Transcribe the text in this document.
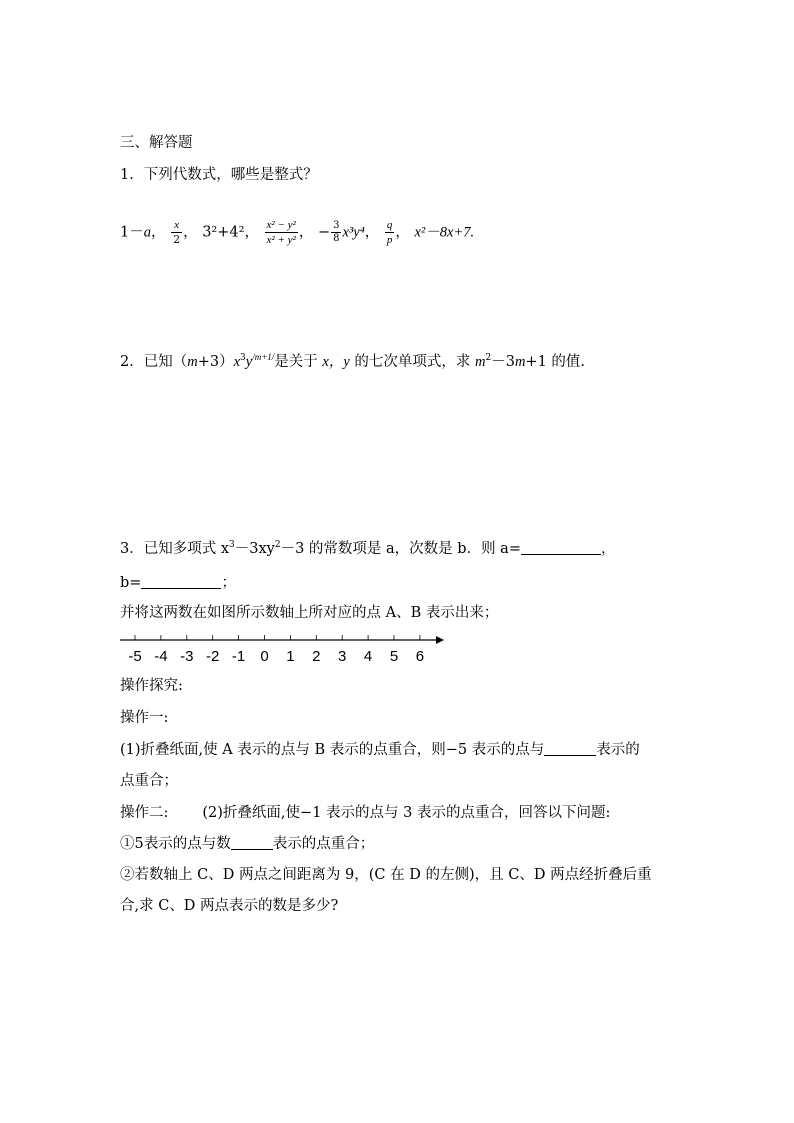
三、解答题
1．下列代数式，哪些是整式？
1－a， $\frac{x}{2}$ ， 3²+4²， $\frac{\text{x² − y²}}{\text{x² + y²}}$ ， − $\frac{3}{8} x^3y^4$， $\frac{q}{p}$ ， x²－8x+7.
2．已知$(m+3)x^3y^{/m+1/}$是关于 x，y 的七次单项式，求 $m^2-3m+1$ 的值.
3．已知多项式 $x^3-3xy^2-3$ 的常数项是 a，次数是 b．则 a=	，
b=	；
并将这两数在如图所示数轴上所对应的点 A、B 表示出来；
-5 -4 -3 -2 -1 0 1 2 3 4 5 6
操作探究:
操作一:
(1)折叠纸面,使 A 表示的点与 B 表示的点重合，则−5 表示的点与	表示的
点重合；
操作二: (2)折叠纸面,使−1 表示的点与 3 表示的点重合，回答以下问题:
①5表示的点与数	表示的点重合；
②若数轴上 C、D 两点之间距离为 9，(C 在 D 的左侧)，且 C、D 两点经折叠后重
合,求 C、D 两点表示的数是多少?
